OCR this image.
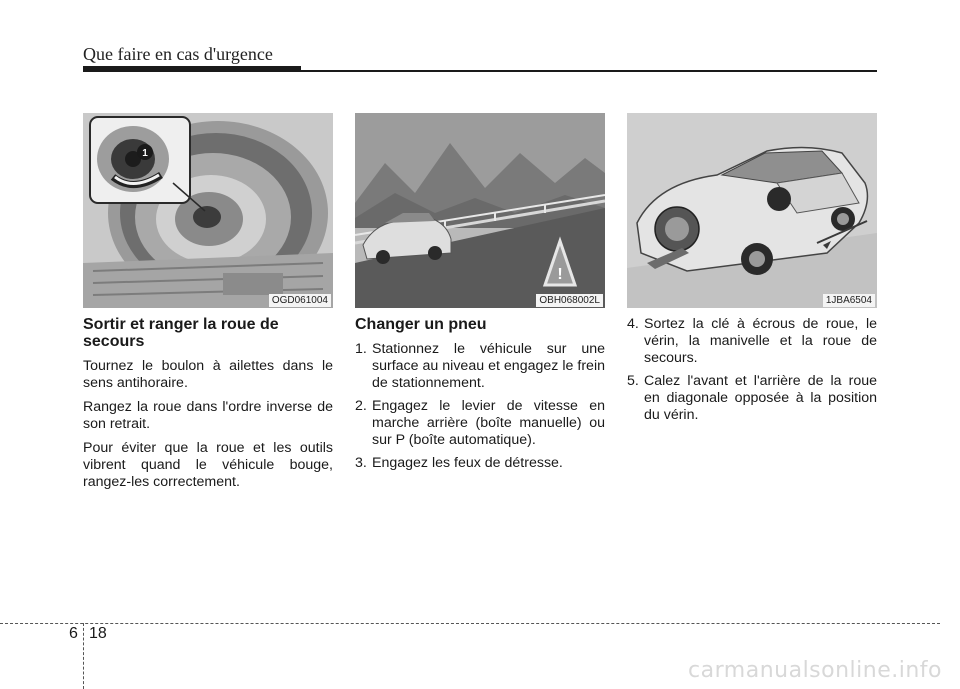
Que faire en cas d'urgence
1
OGD061004
!
OBH068002L	1JBA6504
Sortir et ranger la roue de secours

Tournez le boulon à ailettes dans le sens antihoraire.

Rangez la roue dans l'ordre inverse de son retrait.

Pour éviter que la roue et les outils vibrent quand le véhicule bouge, rangez-les correctement.

Changer un pneu
1. Stationnez le véhicule sur une surface au niveau et engagez le frein de stationnement.
2. Engagez le levier de vitesse en marche arrière (boîte manuelle) ou sur P (boîte automatique).
3. Engagez les feux de détresse.
4. Sortez la clé à écrous de roue, le vérin, la manivelle et la roue de secours.
5. Calez l'avant et l'arrière de la roue en diagonale opposée à la position du vérin.
6 18
carmanualsonline.info
